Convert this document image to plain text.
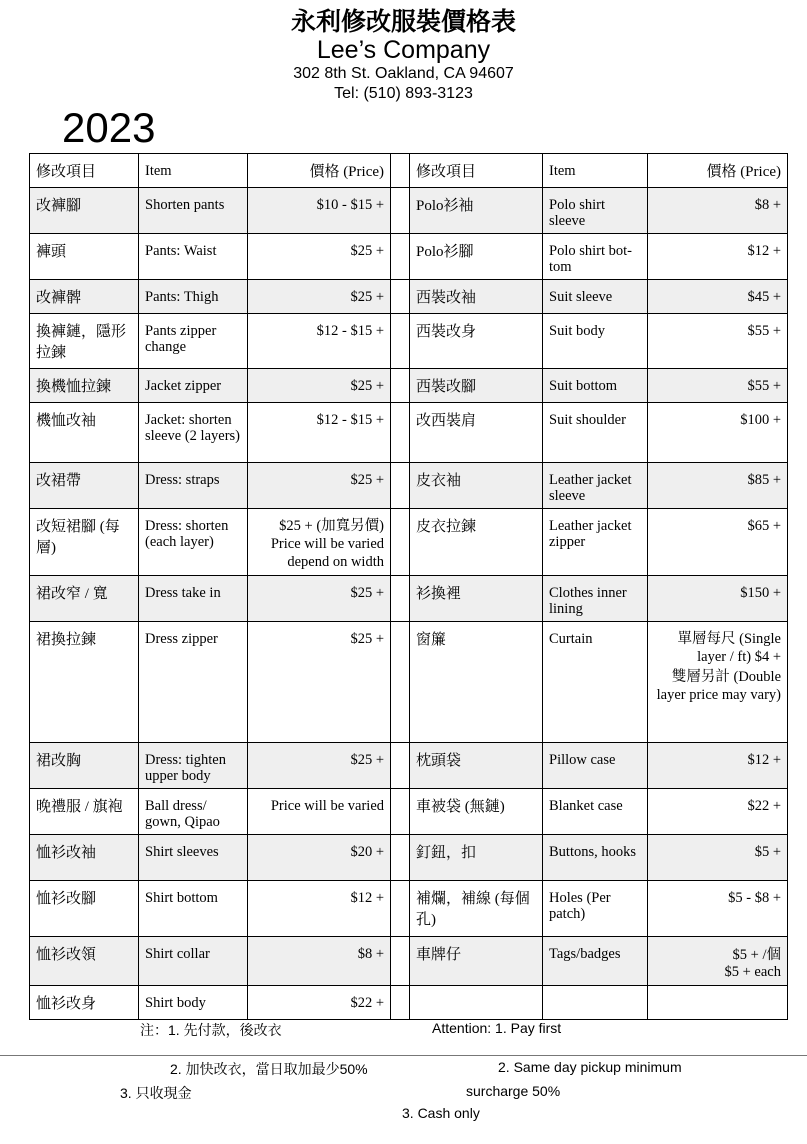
永利修改服裝價格表
Lee’s Company
302 8th St. Oakland, CA 94607
Tel: (510) 893-3123
2023
修改項目	Item	價格 (Price)		修改項目	Item	價格 (Price)
改褲腳	Shorten pants	$10 - $15 +		Polo衫袖	Polo shirt sleeve	$8 +
褲頭	Pants: Waist	$25 +		Polo衫腳	Polo shirt bottom	$12 +
改褲髀	Pants: Thigh	$25 +		西裝改袖	Suit sleeve	$45 +
換褲鏈，隱形拉鍊	Pants zipper change	$12 - $15 +		西裝改身	Suit body	$55 +
換機恤拉鍊	Jacket zipper	$25 +		西裝改腳	Suit bottom	$55 +
機恤改袖	Jacket: shorten sleeve (2 layers)	$12 - $15 +		改西裝肩	Suit shoulder	$100 +
改裙帶	Dress: straps	$25 +		皮衣袖	Leather jacket sleeve	$85 +
改短裙腳 (每層)	Dress: shorten (each layer)	$25 + (加寬另價) Price will be varied depend on width		皮衣拉鍊	Leather jacket zipper	$65 +
裙改窄 / 寬	Dress take in	$25 +		衫換裡	Clothes inner lining	$150 +
裙換拉鍊	Dress zipper	$25 +		窗簾	Curtain	單層每尺 (Single layer / ft) $4 +
雙層另計 (Double layer price may vary)

裙改胸	Dress: tighten upper body	$25 +		枕頭袋	Pillow case	$12 +
晚禮服 / 旗袍	Ball dress/ gown, Qipao	Price will be varied		車被袋 (無鏈)	Blanket case	$22 +
恤衫改袖	Shirt sleeves	$20 +		釘鈕，扣	Buttons, hooks	$5 +
恤衫改腳	Shirt bottom	$12 +		補爛，補線 (每個孔)	Holes (Per patch)	$5 - $8 +
恤衫改領	Shirt collar	$8 +		車牌仔	Tags/badges	$5 + /個
$5 + each

恤衫改身	Shirt body	$22 +				
注：1. 先付款，後改衣	Attention: 1. Pay first
2. 加快改衣，當日取加最少50%	2. Same day pickup minimum
3. 只收現金	surcharge 50%
3. Cash only
